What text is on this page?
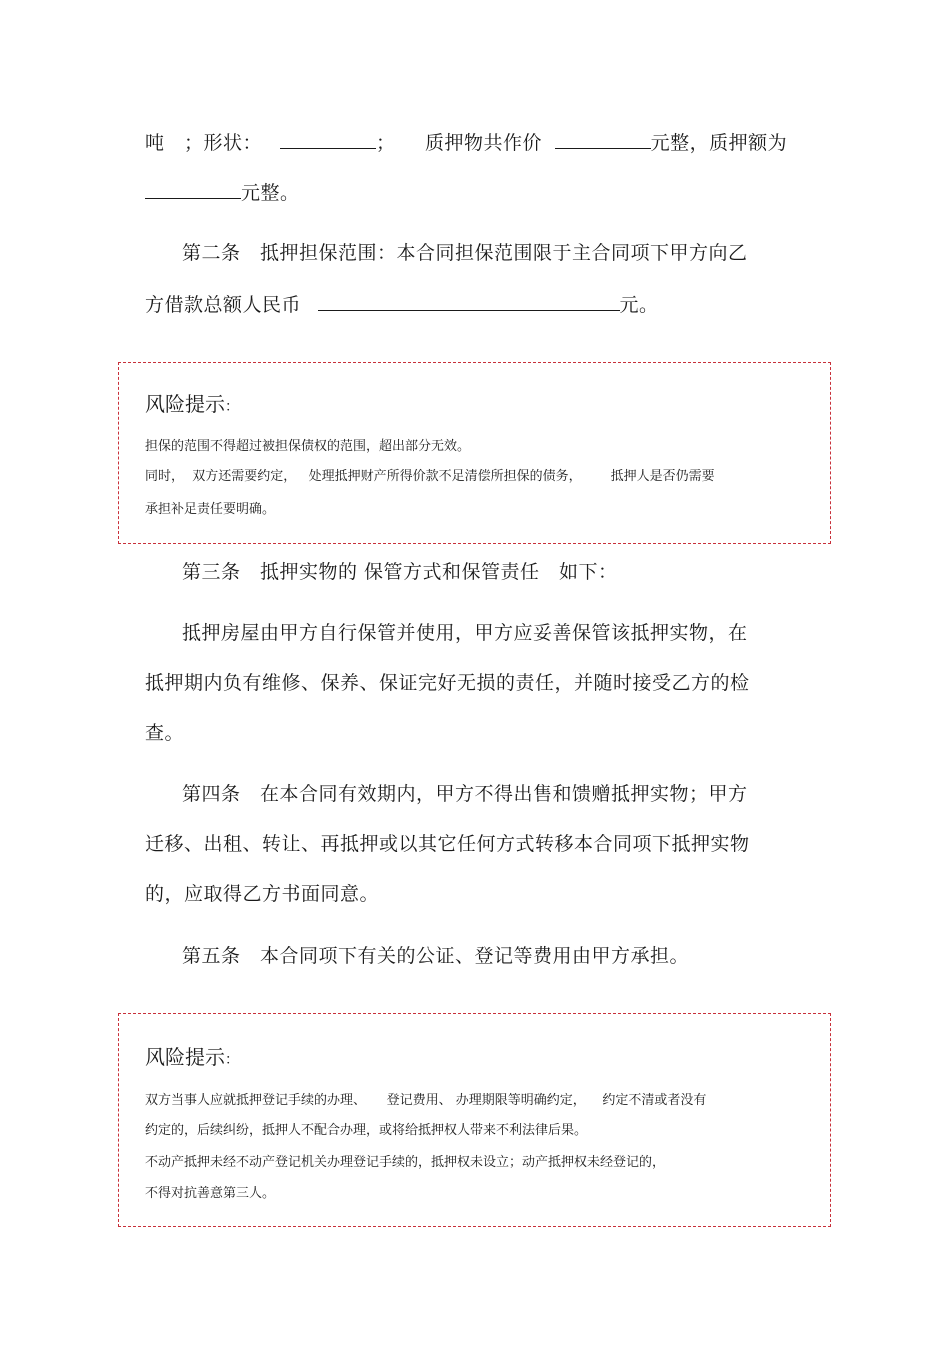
吨　；形状：	；　　质押物共作价	元整，质押额为
元整。
第二条　抵押担保范围：本合同担保范围限于主合同项下甲方向乙
方借款总额人民币	元。
风险提示：
担保的范围不得超过被担保债权的范围，超出部分无效。
同时，  双方还需要约定，   处理抵押财产所得价款不足清偿所担保的债务，       抵押人是否仍需要
承担补足责任要明确。
第三条　抵押实物的 保管方式和保管责任　如下：
抵押房屋由甲方自行保管并使用，甲方应妥善保管该抵押实物，在
抵押期内负有维修、保养、保证完好无损的责任，并随时接受乙方的检
查。
第四条　在本合同有效期内，甲方不得出售和馈赠抵押实物；甲方
迁移、出租、转让、再抵押或以其它任何方式转移本合同项下抵押实物
的，应取得乙方书面同意。
第五条　本合同项下有关的公证、登记等费用由甲方承担。
风险提示：
双方当事人应就抵押登记手续的办理、     登记费用、 办理期限等明确约定，    约定不清或者没有
约定的，后续纠纷，抵押人不配合办理，或将给抵押权人带来不利法律后果。
不动产抵押未经不动产登记机关办理登记手续的，抵押权未设立；动产抵押权未经登记的，
不得对抗善意第三人。
